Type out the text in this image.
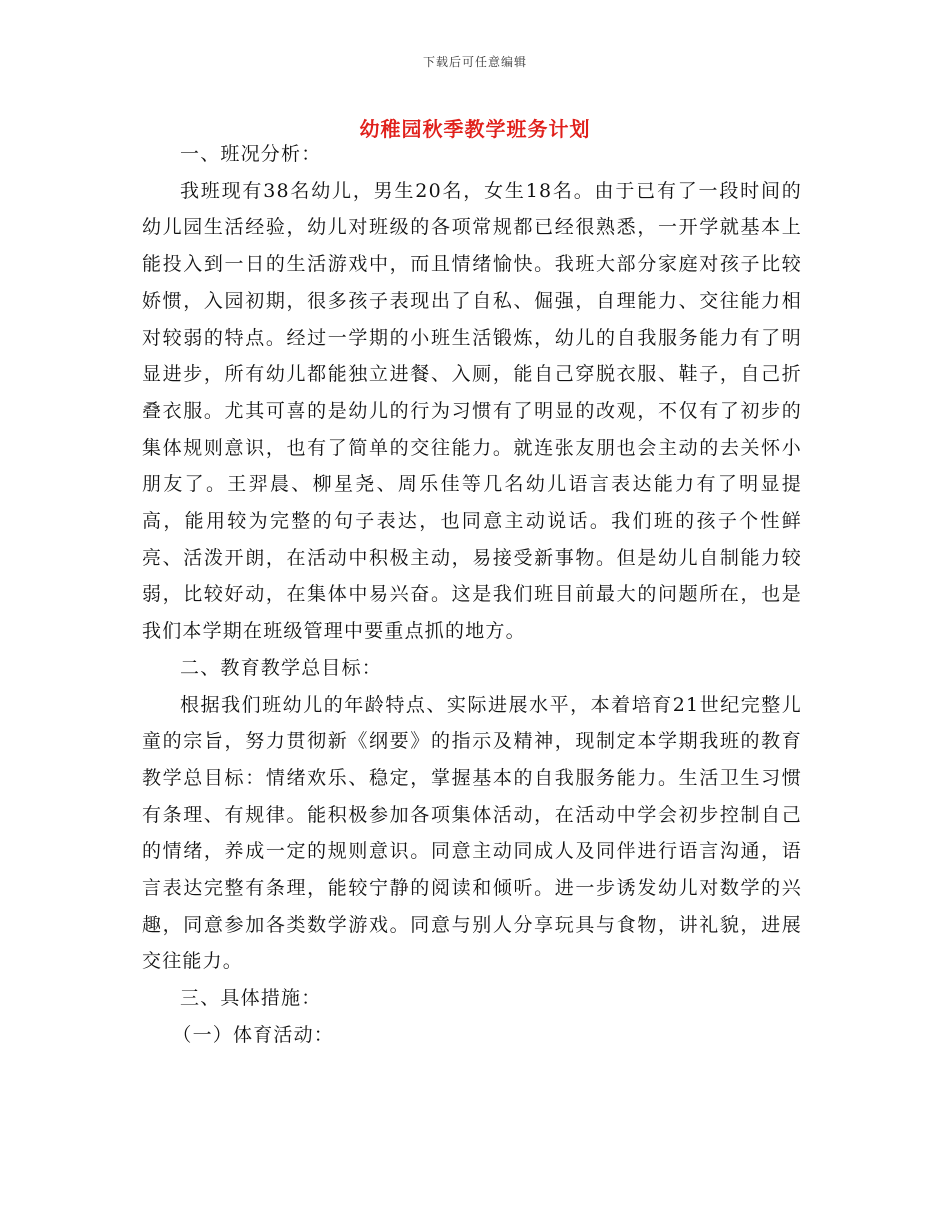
下载后可任意编辑
幼稚园秋季教学班务计划

一、班况分析：

我班现有38名幼儿，男生20名，女生18名。由于已有了一段时间的幼儿园生活经验，幼儿对班级的各项常规都已经很熟悉，一开学就基本上能投入到一日的生活游戏中，而且情绪愉快。我班大部分家庭对孩子比较娇惯，入园初期，很多孩子表现出了自私、倔强，自理能力、交往能力相对较弱的特点。经过一学期的小班生活锻炼，幼儿的自我服务能力有了明显进步，所有幼儿都能独立进餐、入厕，能自己穿脱衣服、鞋子，自己折叠衣服。尤其可喜的是幼儿的行为习惯有了明显的改观，不仅有了初步的集体规则意识，也有了简单的交往能力。就连张友朋也会主动的去关怀小朋友了。王羿晨、柳星尧、周乐佳等几名幼儿语言表达能力有了明显提高，能用较为完整的句子表达，也同意主动说话。我们班的孩子个性鲜亮、活泼开朗，在活动中积极主动，易接受新事物。但是幼儿自制能力较弱，比较好动，在集体中易兴奋。这是我们班目前最大的问题所在，也是我们本学期在班级管理中要重点抓的地方。

二、教育教学总目标：

根据我们班幼儿的年龄特点、实际进展水平，本着培育21世纪完整儿童的宗旨，努力贯彻新《纲要》的指示及精神，现制定本学期我班的教育教学总目标：情绪欢乐、稳定，掌握基本的自我服务能力。生活卫生习惯有条理、有规律。能积极参加各项集体活动，在活动中学会初步控制自己的情绪，养成一定的规则意识。同意主动同成人及同伴进行语言沟通，语言表达完整有条理，能较宁静的阅读和倾听。进一步诱发幼儿对数学的兴趣，同意参加各类数学游戏。同意与别人分享玩具与食物，讲礼貌，进展交往能力。

三、具体措施：

（一）体育活动：
